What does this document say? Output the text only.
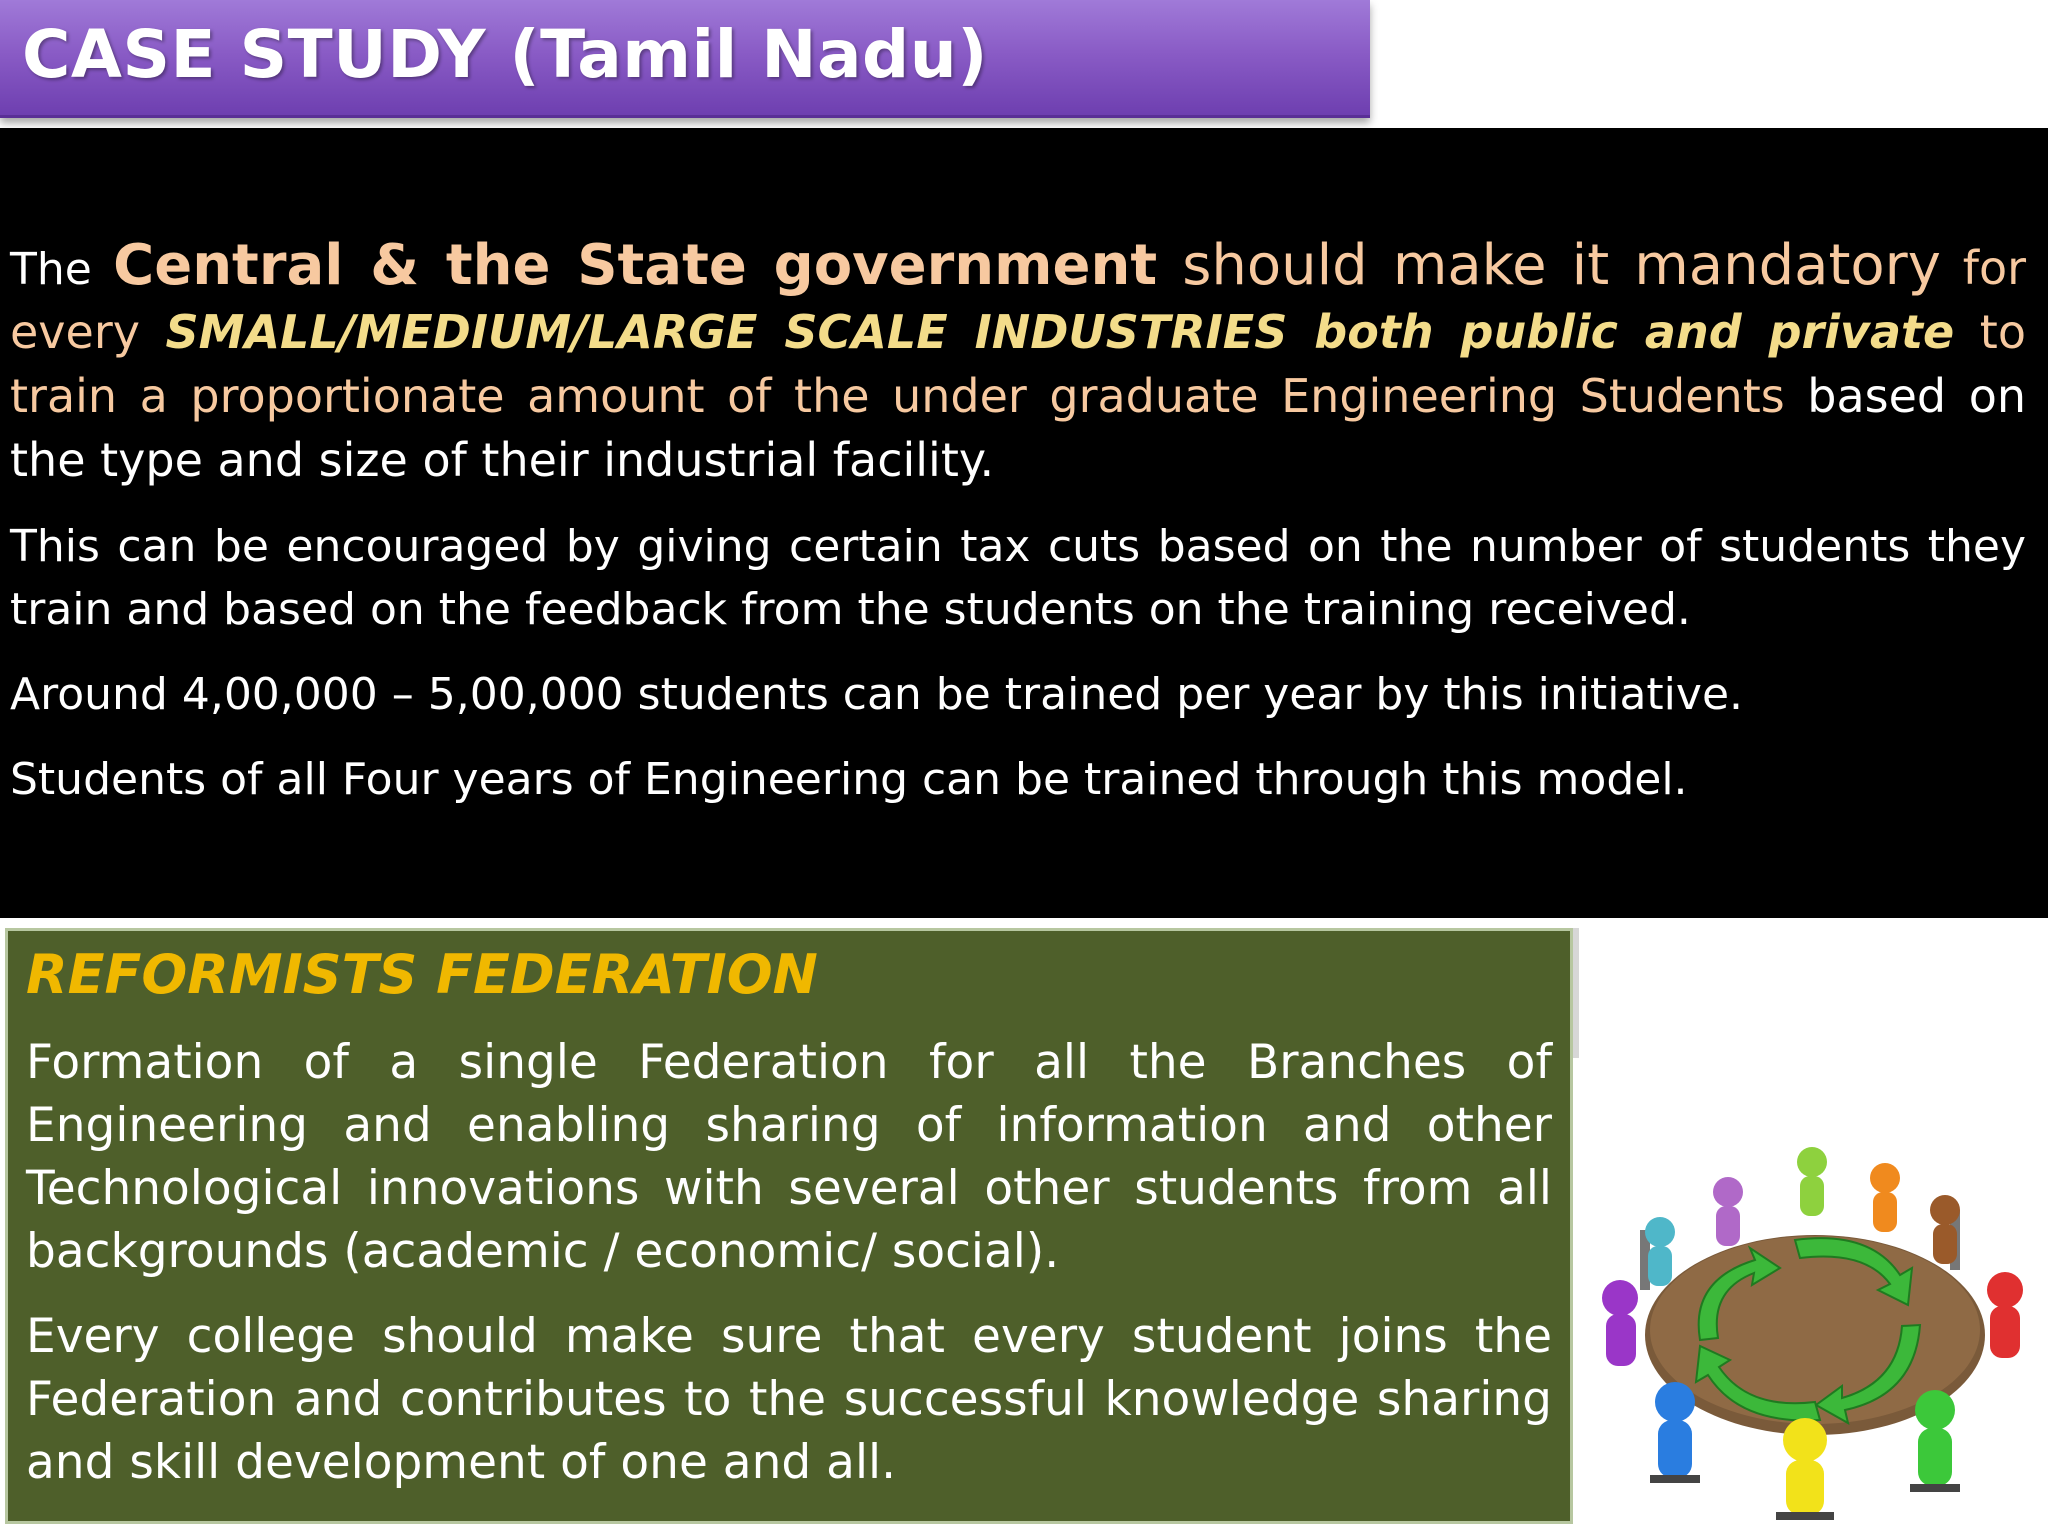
CASE STUDY (Tamil Nadu)

The Central & the State government should make it mandatory for every SMALL/MEDIUM/LARGE SCALE INDUSTRIES both public and private to train a proportionate amount of the under graduate Engineering Students based on the type and size of their industrial facility.

This can be encouraged by giving certain tax cuts based on the number of students they train and based on the feedback from the students on the training received.

Around 4,00,000 – 5,00,000 students can be trained per year by this initiative.

Students of all Four years of Engineering can be trained through this model.

REFORMISTS FEDERATION

Formation of a single Federation for all the Branches of Engineering and enabling sharing of information and other Technological innovations with several other students from all backgrounds (academic / economic/ social).

Every college should make sure that every student joins the Federation and contributes to the successful knowledge sharing and skill development of one and all.
